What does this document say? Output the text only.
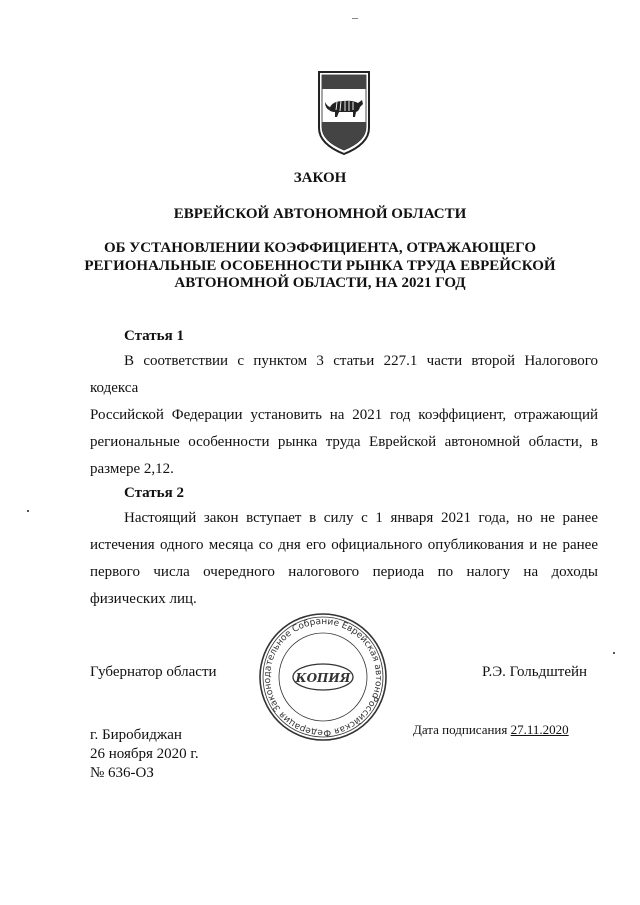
_
ЗАКОН
ЕВРЕЙСКОЙ АВТОНОМНОЙ ОБЛАСТИ
ОБ УСТАНОВЛЕНИИ КОЭФФИЦИЕНТА, ОТРАЖАЮЩЕГО
РЕГИОНАЛЬНЫЕ ОСОБЕННОСТИ РЫНКА ТРУДА ЕВРЕЙСКОЙ
АВТОНОМНОЙ ОБЛАСТИ, НА 2021 ГОД
Статья 1
В соответствии с пунктом 3 статьи 227.1 части второй Налогового кодекса
Российской Федерации установить на 2021 год коэффициент, отражающий
региональные особенности рынка труда Еврейской автономной области, в
размере 2,12.
Статья 2
Настоящий закон вступает в силу с 1 января 2021 года, но не ранее
истечения одного месяца со дня его официального опубликования и не ранее
первого числа очередного налогового периода по налогу на доходы
физических лиц.
Российская Федерация Законодательное Собрание Еврейская автономная
КОПИЯ
Губернатор области	Р.Э. Гольдштейн
г. Биробиджан
26 ноября 2020 г.
№ 636-ОЗ
Дата подписания 27.11.2020
